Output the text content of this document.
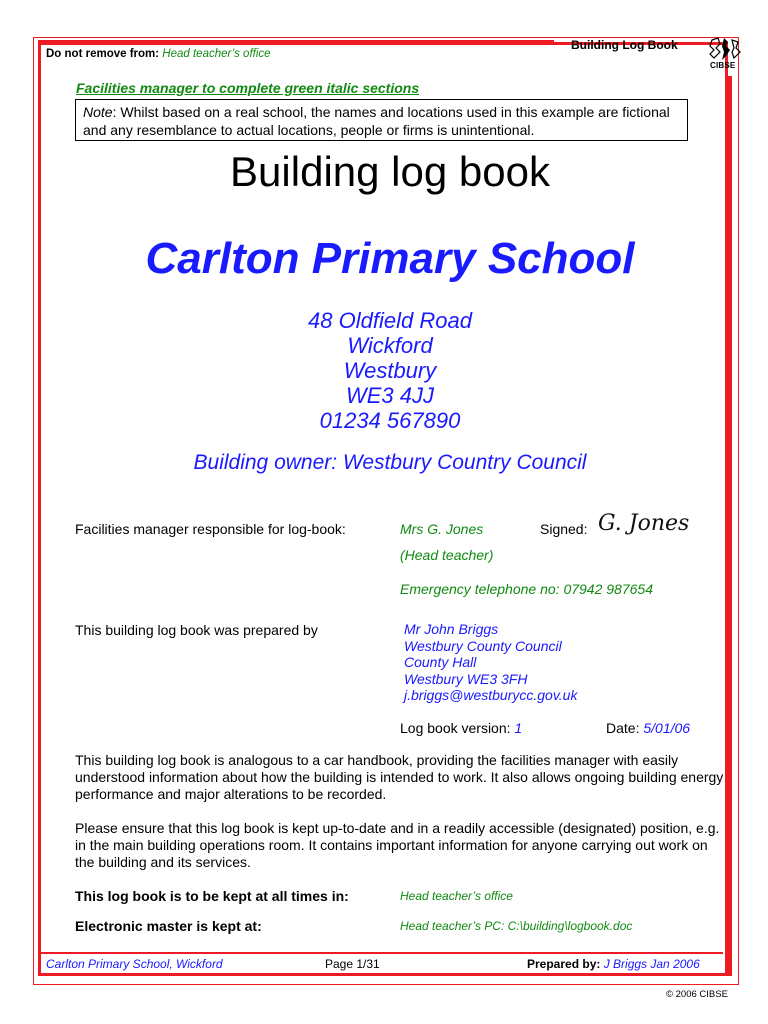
Do not remove from: Head teacher’s office
Building Log Book
CIBSE
Facilities manager to complete green italic sections
Note: Whilst based on a real school, the names and locations used in this example are fictional and any resemblance to actual locations, people or firms is unintentional.
Building log book
Carlton Primary School
48 Oldfield Road
Wickford
Westbury
WE3 4JJ
01234 567890
Building owner: Westbury Country Council
Facilities manager responsible for log-book:	Mrs G. Jones	Signed: G. Jones
(Head teacher)
Emergency telephone no: 07942 987654
This building log book was prepared by	Mr John Briggs
Westbury County Council
County Hall
Westbury WE3 3FH
j.briggs@westburycc.gov.uk
Log book version: 1	Date: 5/01/06
This building log book is analogous to a car handbook, providing the facilities manager with easily understood information about how the building is intended to work. It also allows ongoing building energy performance and major alterations to be recorded.
Please ensure that this log book is kept up-to-date and in a readily accessible (designated) position, e.g. in the main building operations room. It contains important information for anyone carrying out work on the building and its services.
This log book is to be kept at all times in:	Head teacher’s office
Electronic master is kept at:	Head teacher’s PC: C:\building\logbook.doc
Carlton Primary School, Wickford	Page 1/31	Prepared by: J Briggs Jan 2006
© 2006 CIBSE
